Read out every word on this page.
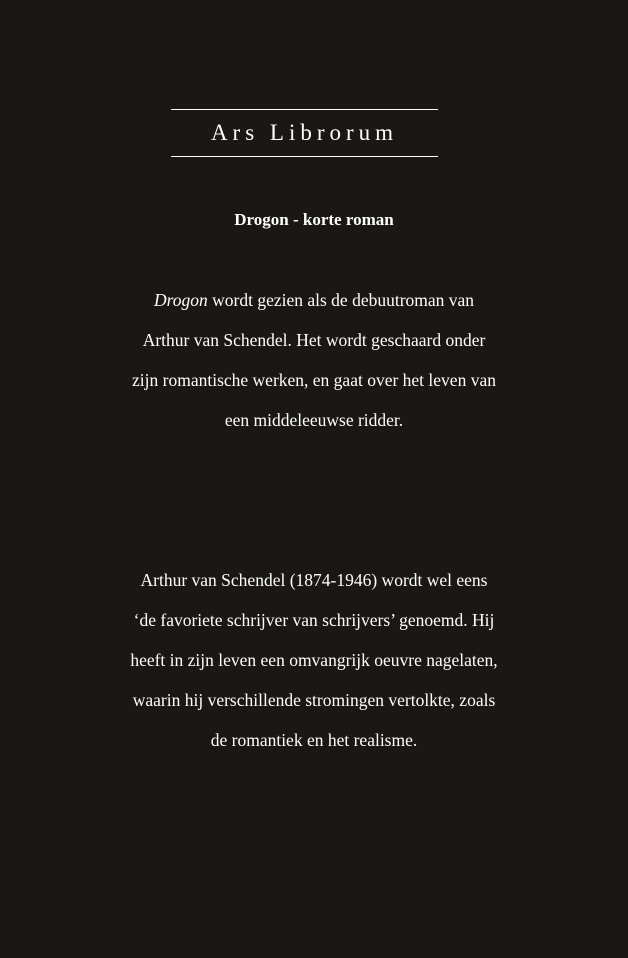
Ars Librorum
Drogon - korte roman
Drogon wordt gezien als de debuutroman van
Arthur van Schendel. Het wordt geschaard onder
zijn romantische werken, en gaat over het leven van
een middeleeuwse ridder.
Arthur van Schendel (1874-1946) wordt wel eens
‘de favoriete schrijver van schrijvers’ genoemd. Hij
heeft in zijn leven een omvangrijk oeuvre nagelaten,
waarin hij verschillende stromingen vertolkte, zoals
de romantiek en het realisme.
